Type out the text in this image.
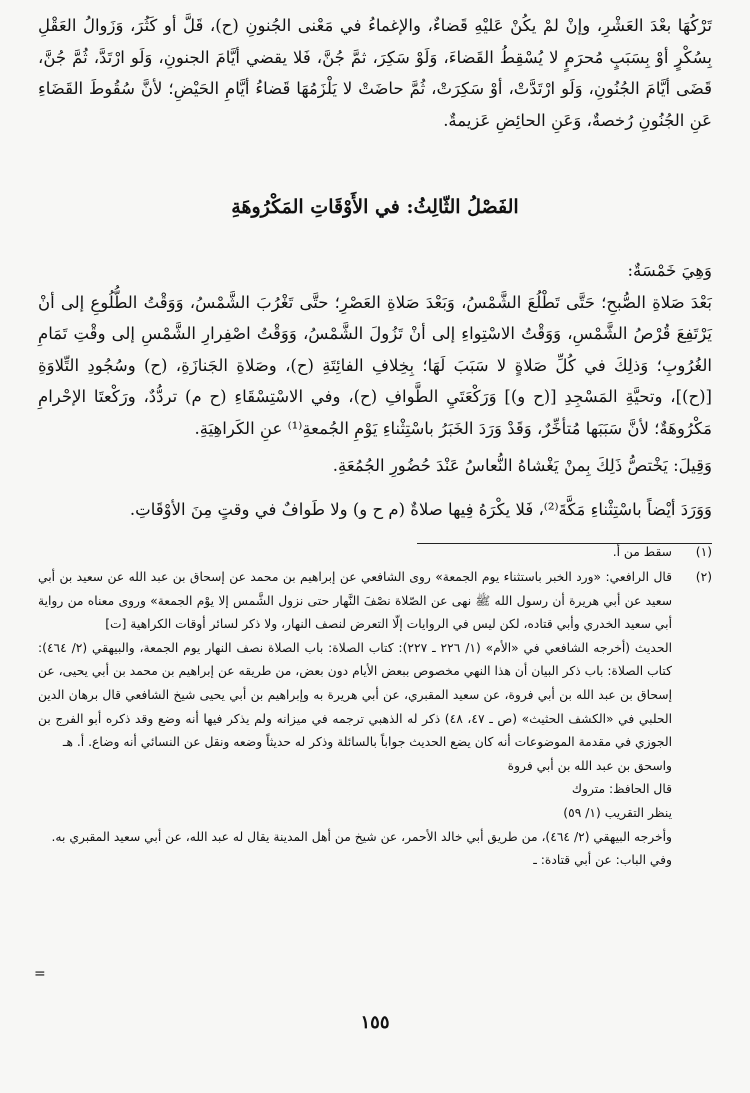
تَرْكُهَا بعْدَ العَشْرِ، وإنْ لمْ يكُنْ عَليْهِ قَضاءٌ، والإغماءُ في مَعْنى الجُنونِ (ح)، قَلَّ أو كَثُرَ، وَزَوالُ العَقْلِ بِسُكْرٍ أوْ بِسَبَبٍ مُحرَمٍ لا يُسْقِطُ القَضاءَ، وَلَوْ سَكِرَ، ثمَّ جُنَّ، فَلا يقضي أيَّامَ الجنونِ، وَلَو ارْتَدَّ، ثُمَّ جُنَّ، قَضَى أيَّامَ الجُنُونِ، وَلَو ارْتَدَّتْ، أوْ سَكِرَتْ، ثُمَّ حاضَتْ لا يَلْزَمُهَا قَضاءُ أيَّامِ الحَيْضِ؛ لأنَّ سُقُوطَ القَضَاءِ عَنِ الجُنُونِ رُخصةٌ، وَعَنِ الحائِضِ عَزيمةٌ.

الفَصْلُ الثّالِثُ: في الأَوْقَاتِ المَكْرُوهَةِ

وَهِيَ خَمْسَةٌ:

بَعْدَ صَلاةِ الصُّبحِ؛ حَتَّى تَطْلُعَ الشَّمْسُ، وَبَعْدَ صَلاةِ العَصْرِ؛ حتَّى تَغْرُبَ الشَّمْسُ، وَوَقْتُ الطُّلُوعِ إلى أنْ يَرْتَفِعَ قُرْصُ الشَّمْسِ، وَوَقْتُ الاسْتِواءِ إلى أنْ تَزُولَ الشَّمْسُ، وَوَقْتُ اصْفِرارِ الشَّمْسِ إلى وقْتِ تَمَامِ الغُرُوبِ؛ وَذلِكَ في كُلِّ صَلاةٍ لا سَبَبَ لَهَا؛ بِخِلافِ الفائِتَةِ (ح)، وصَلاةِ الجَنازَةِ، (ح) وسُجُودِ التِّلاوَةِ [(ح)]، وتحيَّةِ المَسْجِدِ [(ح و)] وَرَكْعَتَيِ الطَّوافِ (ح)، وفي الاسْتِسْقَاءِ (ح م) تردُّدٌ، ورَكْعتَا الإحْرامِ مَكْرُوهَةٌ؛ لأنَّ سَبَبَها مُتأخِّرٌ، وَقَدْ وَرَدَ الخَبَرُ باسْتِثْناءِ يَوْمِ الجُمعةِ⁽¹⁾ عنِ الكَراهِيَةِ.

وَقِيلَ: يَخْتصُّ ذَلِكَ بِمنْ يَغْشاهُ النُّعاسُ عَنْدَ حُضُورِ الجُمُعَةِ.

وَوَرَدَ أيْضاً باسْتِثْناءِ مَكَّةَ⁽²⁾، فَلا يكْرَهُ فِيها صلاةٌ (م ح و) ولا طَوافٌ في وقتٍ مِنَ الأوْقَاتِ.

(١)

سقط من أ.

(٢)

قال الرافعي: «ورد الخبر باستثناء يوم الجمعة» روى الشافعي عن إبراهيم بن محمد عن إسحاق بن عبد الله عن سعيد بن أبي سعيد عن أبي هريرة أن رسول الله ﷺ نهى عن الصّلاة نصْفَ النَّهار حتى نزول الشَّمس إلا يوْم الجمعة» وروى معناه من رواية أبي سعيد الخدري وأبي قتاده، لكن ليس في الروايات إلّا التعرض لنصف النهار، ولا ذكر لسائر أوقات الكراهية [ت]

الحديث (أخرجه الشافعي في «الأم» (١/ ٢٢٦ ـ ٢٢٧): كتاب الصلاة: باب الصلاة نصف النهار يوم الجمعة، والبيهقي (٢/ ٤٦٤): كتاب الصلاة: باب ذكر البيان أن هذا النهي مخصوص ببعض الأيام دون بعض، من طريقه عن إبراهيم بن محمد بن أبي يحيى، عن إسحاق بن عبد الله بن أبي فروة، عن سعيد المقبري، عن أبي هريرة به وإبراهيم بن أبي يحيى شيخ الشافعي قال برهان الدين الحلبي في «الكشف الحثيث» (ص ـ ٤٧، ٤٨) ذكر له الذهبي ترجمه في ميزانه ولم يذكر فيها أنه وضع وقد ذكره أبو الفرج بن الجوزي في مقدمة الموضوعات أنه كان يضع الحديث جواباً بالسائلة وذكر له حديثاً وضعه ونقل عن النسائي أنه وضاع. أ. هـ

واسحق بن عبد الله بن أبي فروة

قال الحافظ: متروك

ينظر التقريب (١/ ٥٩)

وأخرجه البيهقي (٢/ ٤٦٤)، من طريق أبي خالد الأحمر، عن شيخ من أهل المدينة يقال له عبد الله، عن أبي سعيد المقبري به.

وفي الباب: عن أبي قتادة: ـ

=
١٥٥
